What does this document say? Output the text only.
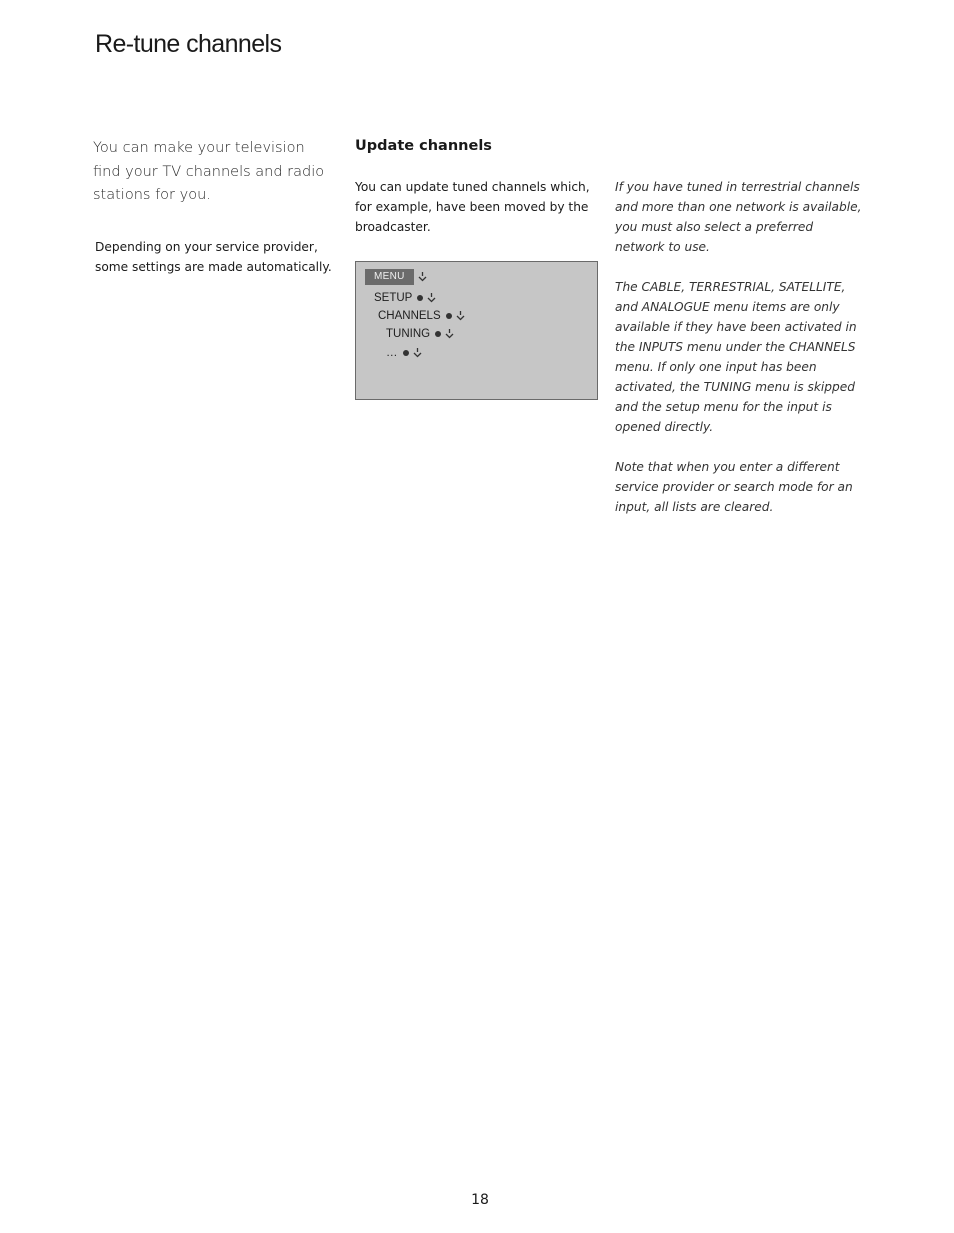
Re-tune channels

You can make your television find your TV channels and radio stations for you.

Depending on your service provider, some settings are made automatically.

Update channels

You can update tuned channels which, for example, have been moved by the broadcaster.

MENU
SETUP
CHANNELS
TUNING
…

If you have tuned in terrestrial channels and more than one network is available, you must also select a preferred network to use.

The CABLE, TERRESTRIAL, SATELLITE, and ANALOGUE menu items are only available if they have been activated in the INPUTS menu under the CHANNELS menu. If only one input has been activated, the TUNING menu is skipped and the setup menu for the input is opened directly.

Note that when you enter a different service provider or search mode for an input, all lists are cleared.

18
